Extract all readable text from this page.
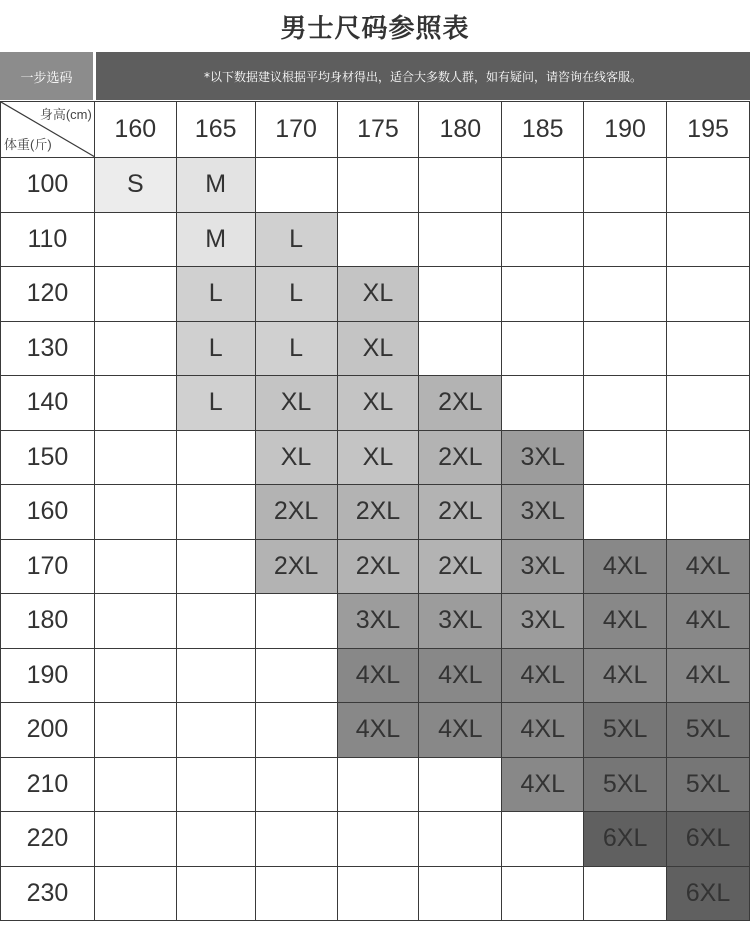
男士尺码参照表
一步选码	*以下数据建议根据平均身材得出，适合大多数人群，如有疑问，请咨询在线客服。
身高(cm)
体重(斤)	160	165	170	175	180	185	190	195
100	S	M						
110		M	L					
120		L	L	XL				
130		L	L	XL				
140		L	XL	XL	2XL			
150			XL	XL	2XL	3XL		
160			2XL	2XL	2XL	3XL		
170			2XL	2XL	2XL	3XL	4XL	4XL
180				3XL	3XL	3XL	4XL	4XL
190				4XL	4XL	4XL	4XL	4XL
200				4XL	4XL	4XL	5XL	5XL
210						4XL	5XL	5XL
220							6XL	6XL
230								6XL
